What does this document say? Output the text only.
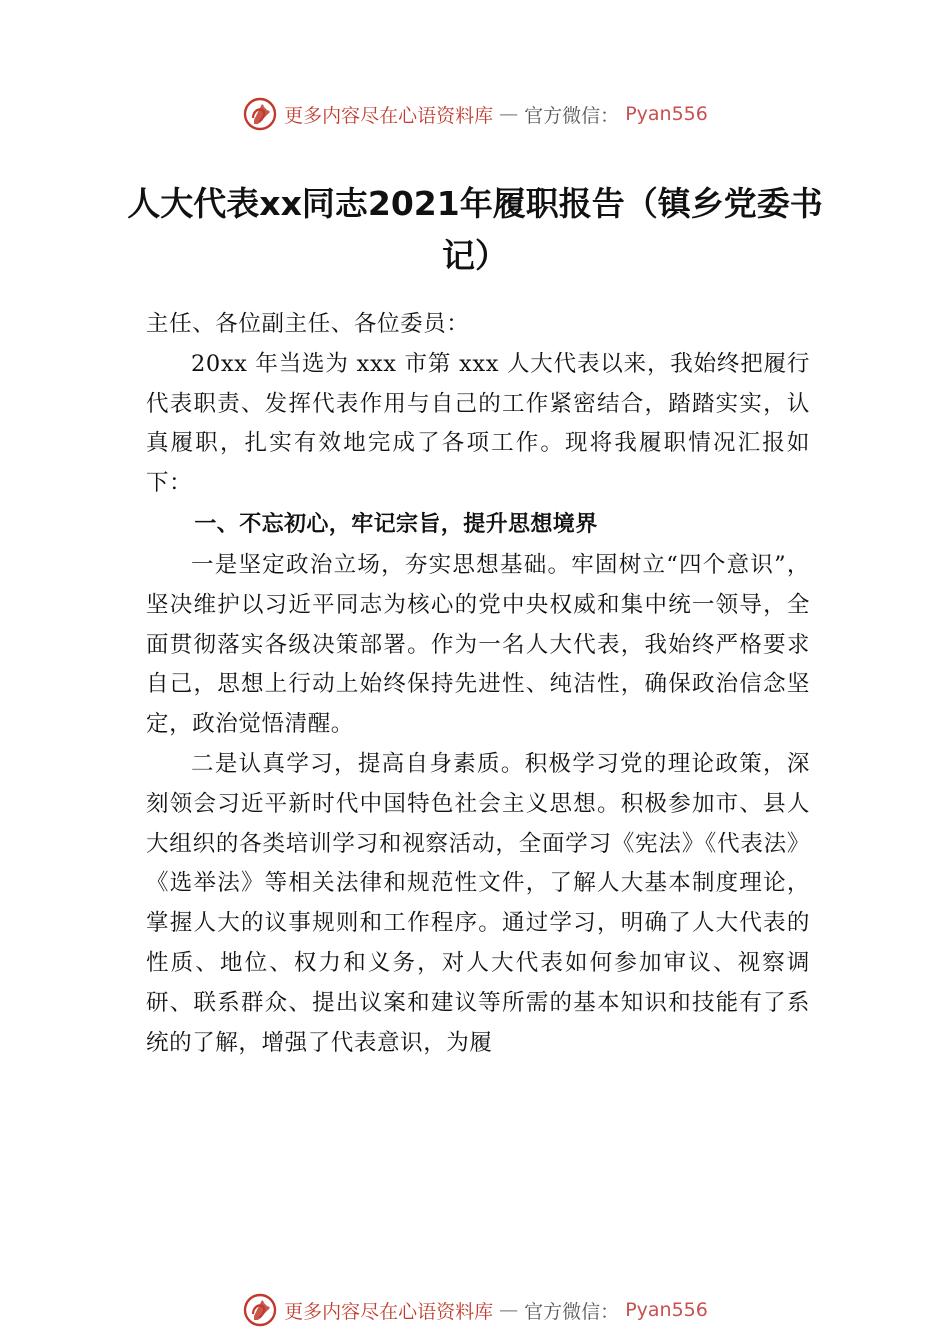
更多内容尽在心语资料库 — 官方微信： Pyan556
人大代表xx同志2021年履职报告（镇乡党委书记）

主任、各位副主任、各位委员：

20xx 年当选为 xxx 市第 xxx 人大代表以来，我始终把履行代表职责、发挥代表作用与自己的工作紧密结合，踏踏实实，认真履职，扎实有效地完成了各项工作。现将我履职情况汇报如下：

一、不忘初心，牢记宗旨，提升思想境界

一是坚定政治立场，夯实思想基础。牢固树立“四个意识”，坚决维护以习近平同志为核心的党中央权威和集中统一领导，全面贯彻落实各级决策部署。作为一名人大代表，我始终严格要求自己，思想上行动上始终保持先进性、纯洁性，确保政治信念坚定，政治觉悟清醒。

二是认真学习，提高自身素质。积极学习党的理论政策，深刻领会习近平新时代中国特色社会主义思想。积极参加市、县人大组织的各类培训学习和视察活动，全面学习《宪法》《代表法》《选举法》等相关法律和规范性文件，了解人大基本制度理论，掌握人大的议事规则和工作程序。通过学习，明确了人大代表的性质、地位、权力和义务，对人大代表如何参加审议、视察调研、联系群众、提出议案和建议等所需的基本知识和技能有了系统的了解，增强了代表意识，为履

更多内容尽在心语资料库 — 官方微信： Pyan556
